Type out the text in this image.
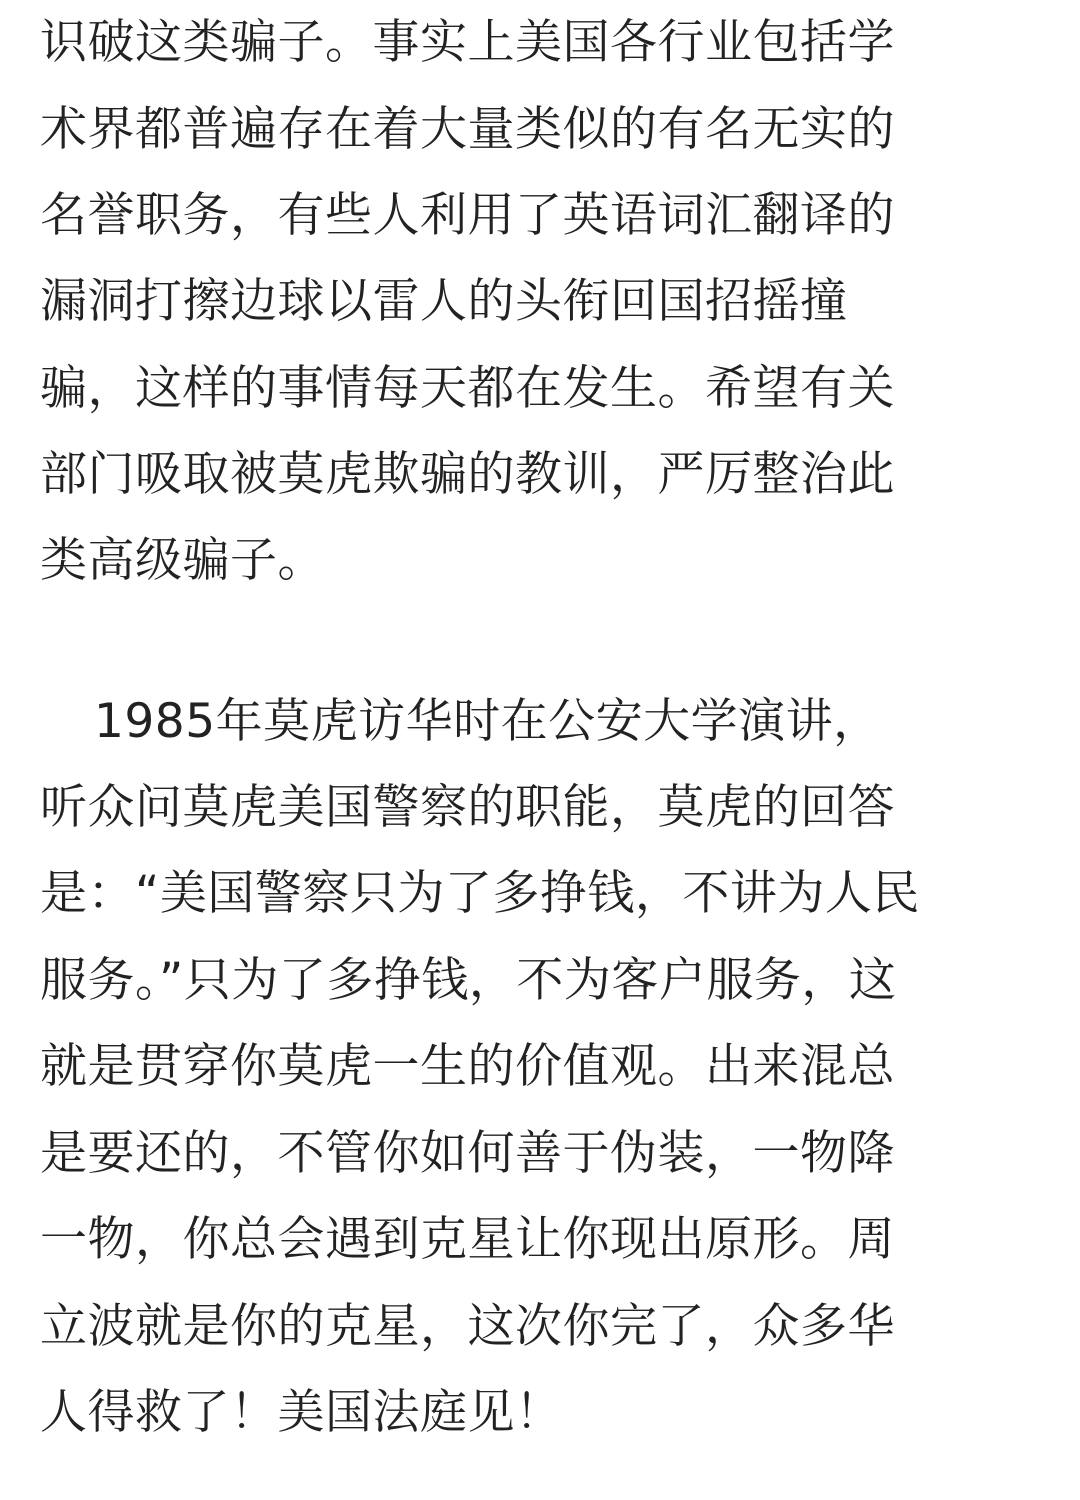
识破这类骗子。事实上美国各行业包括学
术界都普遍存在着大量类似的有名无实的
名誉职务，有些人利用了英语词汇翻译的
漏洞打擦边球以雷人的头衔回国招摇撞
骗，这样的事情每天都在发生。希望有关
部门吸取被莫虎欺骗的教训，严厉整治此
类高级骗子。
1985年莫虎访华时在公安大学演讲，
听众问莫虎美国警察的职能，莫虎的回答
是：“美国警察只为了多挣钱，不讲为人民
服务。”只为了多挣钱，不为客户服务，这
就是贯穿你莫虎一生的价值观。出来混总
是要还的，不管你如何善于伪装，一物降
一物，你总会遇到克星让你现出原形。周
立波就是你的克星，这次你完了，众多华
人得救了！美国法庭见！
